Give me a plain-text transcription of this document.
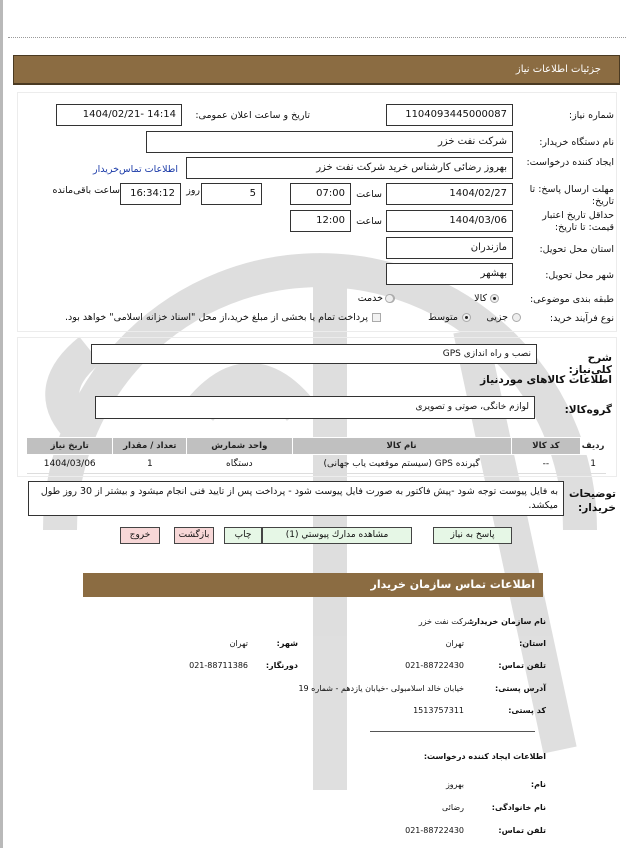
جزئیات اطلاعات نیاز
شماره نیاز:
1104093445000087
تاریخ و ساعت اعلان عمومی:
1404/02/21- 14:14
نام دستگاه خریدار:
شرکت نفت خزر
ایجاد کننده درخواست:
بهروز رضائی کارشناس خرید شرکت نفت خزر
اطلاعات تماس‌خریدار
مهلت ارسال پاسخ: تا تاریخ:
1404/02/27
ساعت
07:00
5
روز
16:34:12
ساعت باقی‌مانده
حداقل تاریخ اعتبار قیمت: تا تاریخ:
1404/03/06
ساعت
12:00
استان محل تحویل:
مازندران
شهر محل تحویل:
بهشهر
طبقه بندی موضوعی:
کالا
خدمت
نوع فرآیند خرید:
جزیی
متوسط
پرداخت تمام یا بخشی از مبلغ خرید،از محل "اسناد خزانه اسلامی" خواهد بود.
شرح کلی‌نیاز:
نصب و راه اندازی GPS
اطلاعات کالاهای موردنیاز
گروه‌کالا:
لوازم خانگی، صوتی و تصویری
ردیف	کد کالا	نام کالا	واحد شمارش	تعداد / مقدار	تاریخ نیاز
1	--	گیرنده GPS (سیستم موقعیت یاب جهانی)	دستگاه	1	1404/03/06
توضیحات خریدار:
به فایل پیوست توجه شود -پیش فاکتور به صورت فایل پیوست شود - پرداخت پس از تایید فنی انجام میشود و بیشتر از 30 روز طول میکشد.
پاسخ به نیاز
مشاهده مدارك پيوستي (1)
چاپ
بازگشت
خروج
اطلاعات تماس سازمان خریدار
نام سازمان خریدار:
شرکت نفت خزر
استان:
تهران
شهر:
تهران
تلفن تماس:
021-88722430
دورنگار:
021-88711386
آدرس پستی:
خیابان خالد اسلامبولی -خیابان یازدهم - شماره 19
کد پستی:
1513757311
اطلاعات ایجاد کننده درخواست:
نام:
بهروز
نام خانوادگی:
رضائی
تلفن تماس:
021-88722430
